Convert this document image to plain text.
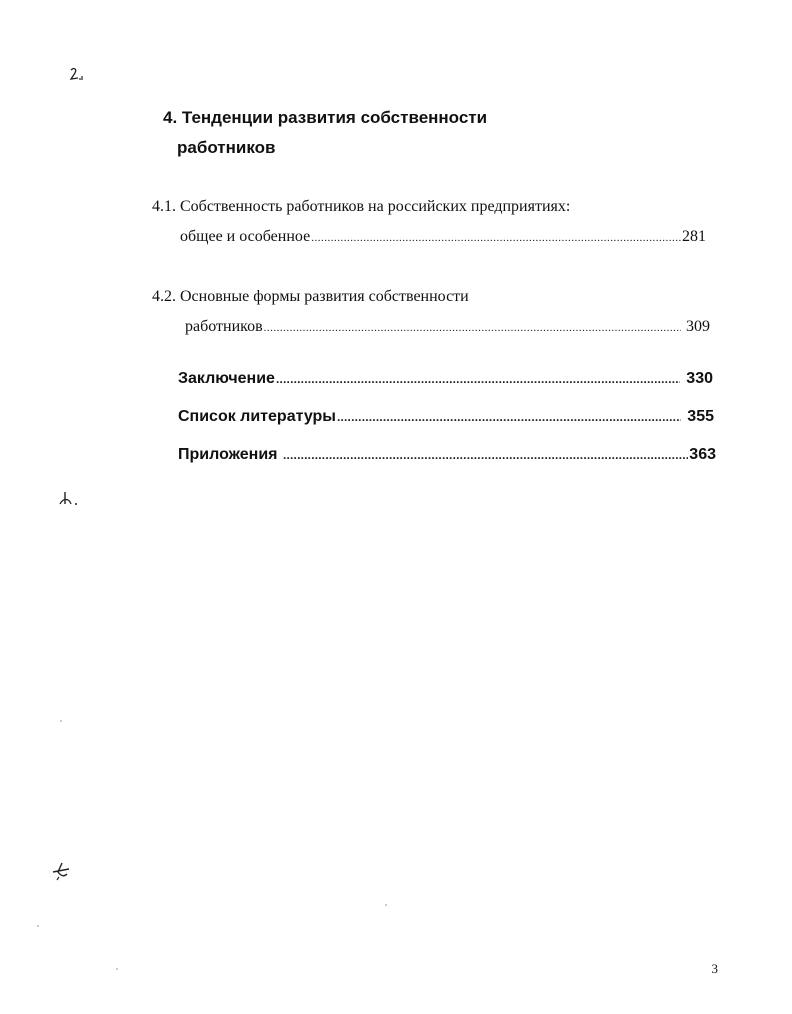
4. Тенденции развития собственности
работников
4.1. Собственность работников на российских предприятиях:
общее и особенное .....	281
4.2. Основные формы развития собственности
работников .....	309
Заключение .....	330
Список литературы .....	355
Приложения .....	363
3
